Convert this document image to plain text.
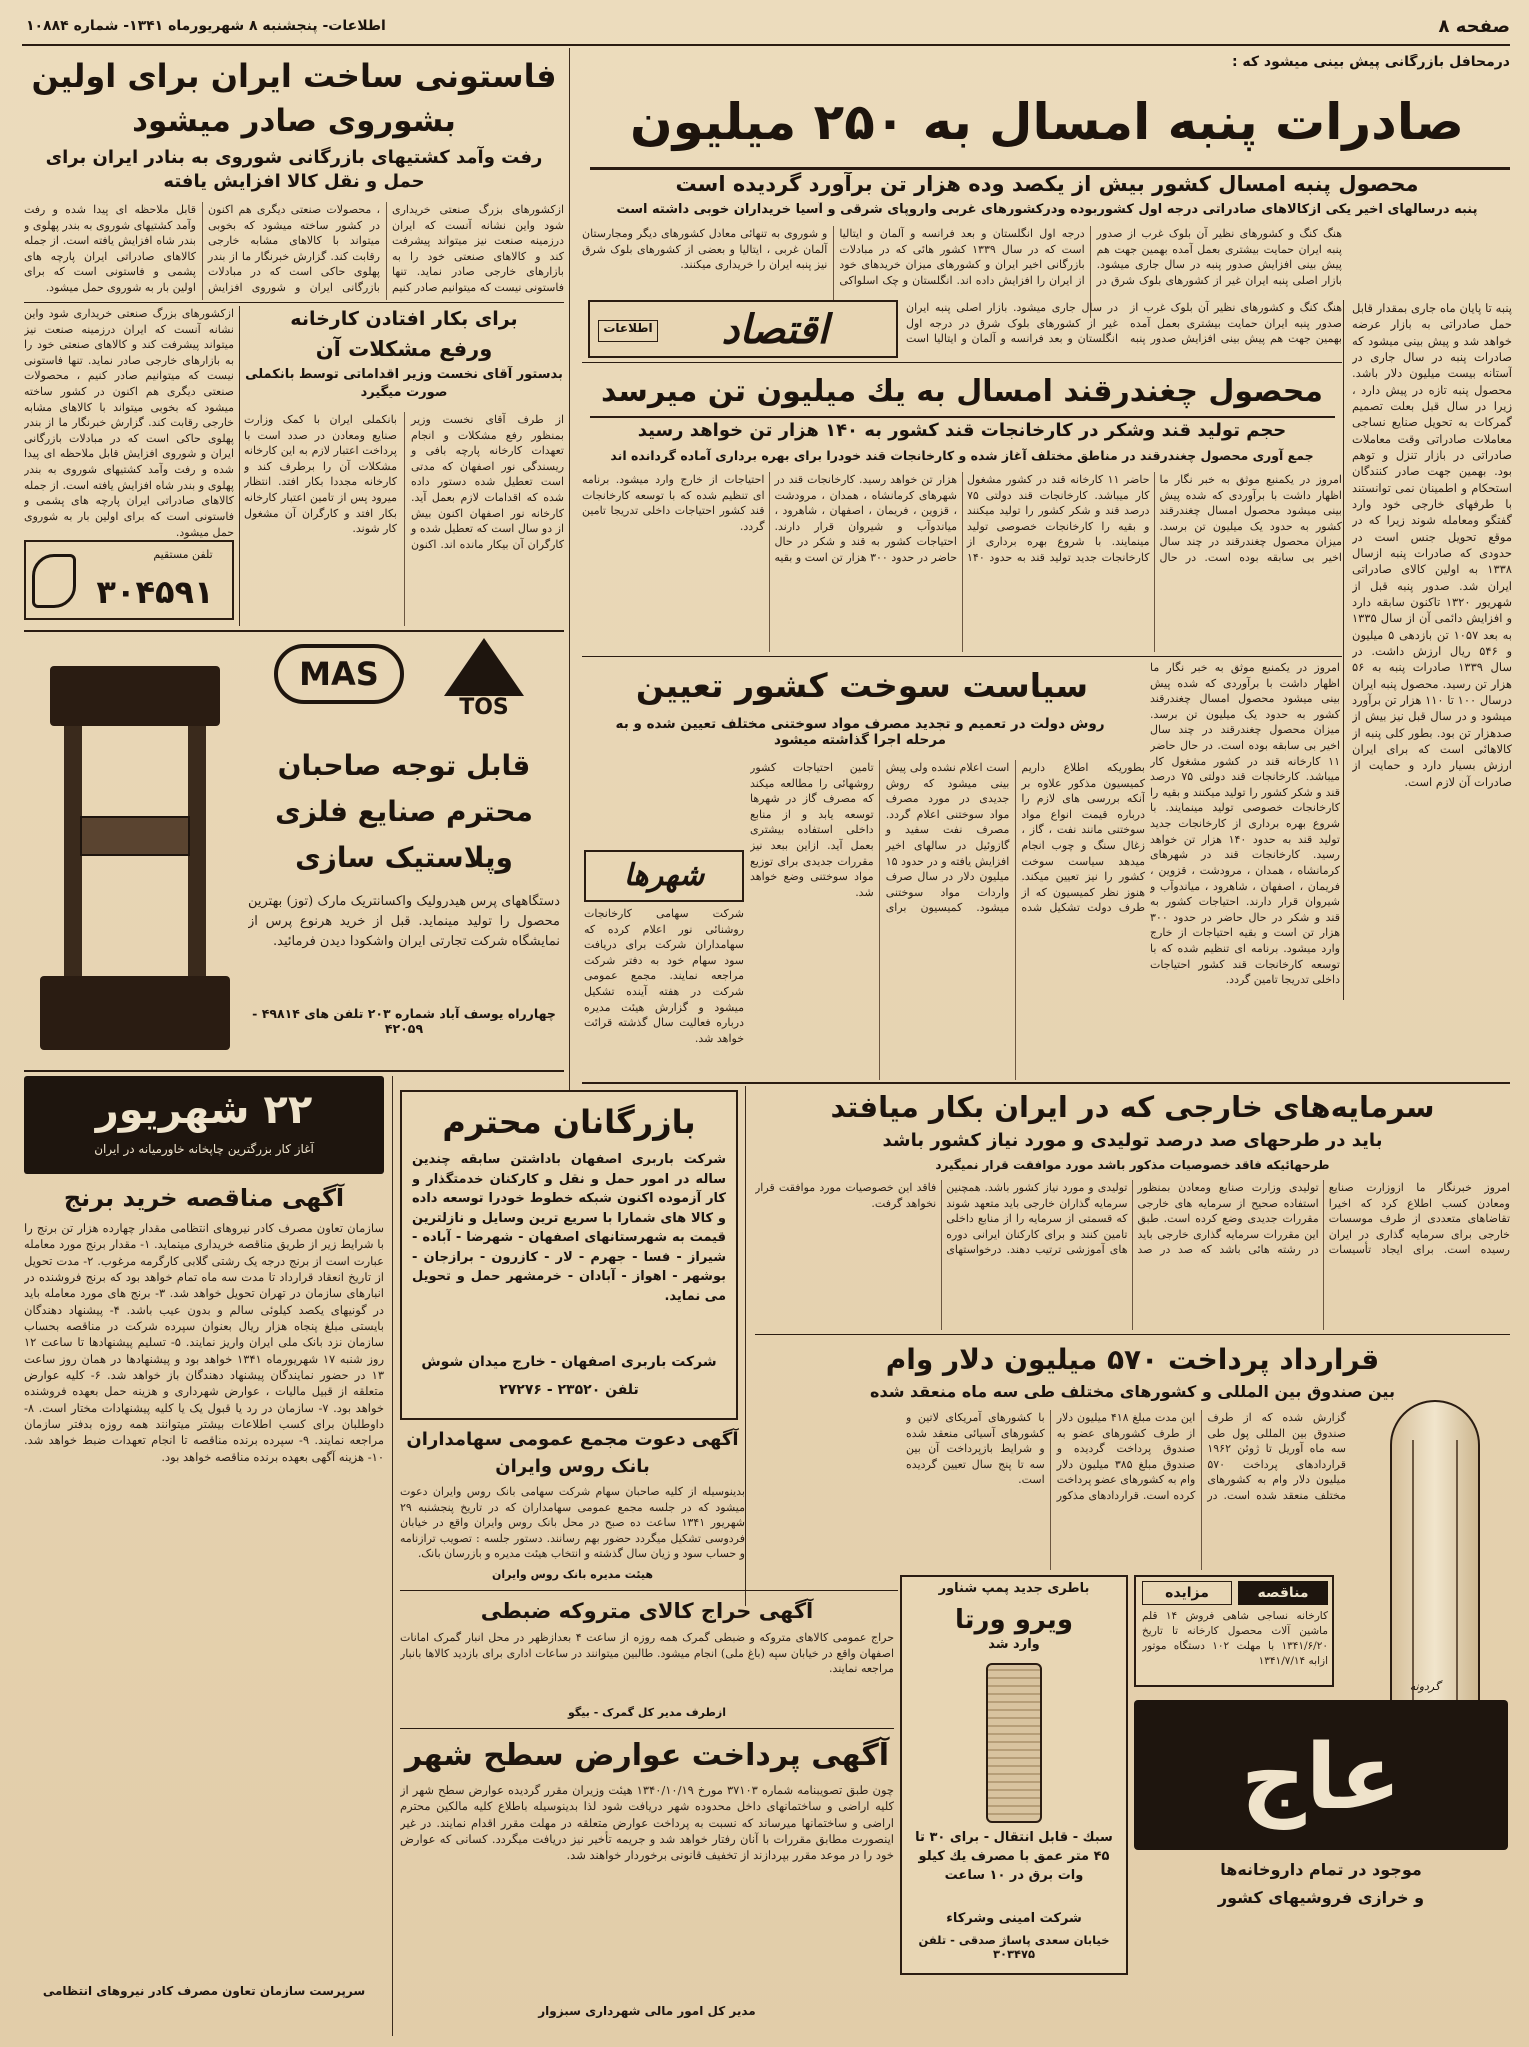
صفحه ۸
اطلاعات- پنجشنبه ۸ شهریورماه ۱۳۴۱- شماره ۱۰۸۸۴
درمحافل بازرگانی پیش بینی میشود که :
صادرات پنبه امسال به ۲۵۰ میلیون
محصول پنبه امسال کشور بیش از یکصد وده هزار تن برآورد گردیده است
پنبه درسالهای اخیر یکی ازکالاهای صادراتی درجه اول کشوربوده ودرکشورهای غربی واروپای شرقی و آسیا خریداران خوبی داشته است
هنگ کنگ و کشورهای نظیر آن بلوک غرب از صدور پنبه ایران حمایت بیشتری بعمل آمده بهمین جهت هم پیش بینی افزایش صدور پنبه در سال جاری میشود. بازار اصلی پنبه ایران غیر از کشورهای بلوک شرق در درجه اول انگلستان و بعد فرانسه و آلمان و ایتالیا است که در سال ۱۳۳۹ کشور هائی که در مبادلات بازرگانی اخیر ایران و کشورهای میزان خریدهای خود از ایران را افزایش داده اند. انگلستان و چک اسلواکی و شوروی به تنهائی معادل کشورهای دیگر ومجارستان آلمان غربی ، ایتالیا و بعضی از کشورهای بلوک شرق نیز پنبه ایران را خریداری میکنند.
پنبه تا پایان ماه جاری بمقدار قابل حمل صادراتی به بازار عرضه خواهد شد و پیش بینی میشود که صادرات پنبه در سال جاری در آستانه بیست میلیون دلار باشد. محصول پنبه تازه در پیش دارد ، زیرا در سال قبل بعلت تصمیم گمرکات به تحویل صنایع نساجی معاملات صادراتی وقت معاملات صادراتی در بازار تنزل و توهم بود. بهمین جهت صادر کنندگان استحکام و اطمینان نمی توانستند با طرفهای خارجی خود وارد گفتگو ومعامله شوند زیرا که در موقع تحویل جنس است در حدودی که صادرات پنبه ازسال ۱۳۳۸ به اولین کالای صادراتی ایران شد. صدور پنبه قبل از شهریور ۱۳۲۰ تاکنون سابقه دارد و افزایش دائمی آن از سال ۱۳۳۵ به بعد ۱۰۵۷ تن بازدهی ۵ میلیون و ۵۴۶ ریال ارزش داشت. در سال ۱۳۳۹ صادرات پنبه به ۵۶ هزار تن رسید. محصول پنبه ایران درسال ۱۰۰ تا ۱۱۰ هزار تن برآورد میشود و در سال قبل نیز بیش از صدهزار تن بود. بطور کلی پنبه از کالاهائی است که برای ایران ارزش بسیار دارد و حمایت از صادرات آن لازم است.
اقتصاد
اطلاعات
هنگ کنگ و کشورهای نظیر آن بلوک غرب از صدور پنبه ایران حمایت بیشتری بعمل آمده بهمین جهت هم پیش بینی افزایش صدور پنبه در سال جاری میشود. بازار اصلی پنبه ایران غیر از کشورهای بلوک شرق در درجه اول انگلستان و بعد فرانسه و آلمان و ایتالیا است
محصول چغندرقند امسال به یك میلیون تن میرسد
حجم تولید قند وشکر در کارخانجات قند کشور به ۱۴۰ هزار تن خواهد رسید
جمع آوری محصول چغندرقند در مناطق مختلف آغاز شده و کارخانجات قند خودرا برای بهره برداری آماده گردانده اند
امروز در یکمنبع موثق به خبر نگار ما اظهار داشت با برآوردی که شده پیش بینی میشود محصول امسال چغندرقند کشور به حدود یک میلیون تن برسد. میزان محصول چغندرقند در چند سال اخیر بی سابقه بوده است. در حال حاضر ۱۱ کارخانه قند در کشور مشغول کار میباشد. کارخانجات قند دولتی ۷۵ درصد قند و شکر کشور را تولید میکنند و بقیه را کارخانجات خصوصی تولید مینمایند. با شروع بهره برداری از کارخانجات جدید تولید قند به حدود ۱۴۰ هزار تن خواهد رسید. کارخانجات قند در شهرهای کرمانشاه ، همدان ، مرودشت ، قزوین ، فریمان ، اصفهان ، شاهرود ، میاندوآب و شیروان قرار دارند. احتیاجات کشور به قند و شکر در حال حاضر در حدود ۳۰۰ هزار تن است و بقیه احتیاجات از خارج وارد میشود. برنامه ای تنظیم شده که با توسعه کارخانجات قند کشور احتیاجات داخلی تدریجا تامین گردد.
سیاست سوخت کشور تعیین
روش دولت در تعمیم و تجدید مصرف مواد سوختنی مختلف تعیین شده و به مرحله اجرا گذاشته میشود
بطوریکه اطلاع داریم کمیسیون مذکور علاوه بر آنکه بررسی های لازم را درباره قیمت انواع مواد سوختنی مانند نفت ، گاز ، زغال سنگ و چوب انجام میدهد سیاست سوخت کشور را نیز تعیین میکند. هنوز نظر کمیسیون که از طرف دولت تشکیل شده است اعلام نشده ولی پیش بینی میشود که روش جدیدی در مورد مصرف مواد سوختنی اعلام گردد. مصرف نفت سفید و گازوئیل در سالهای اخیر افزایش یافته و در حدود ۱۵ میلیون دلار در سال صرف واردات مواد سوختنی میشود. کمیسیون برای تامین احتیاجات کشور روشهائی را مطالعه میکند که مصرف گاز در شهرها توسعه یابد و از منابع داخلی استفاده بیشتری بعمل آید. ازاین ببعد نیز مقررات جدیدی برای توزیع مواد سوختنی وضع خواهد شد.
امروز در یکمنبع موثق به خبر نگار ما اظهار داشت با برآوردی که شده پیش بینی میشود محصول امسال چغندرقند کشور به حدود یک میلیون تن برسد. میزان محصول چغندرقند در چند سال اخیر بی سابقه بوده است. در حال حاضر ۱۱ کارخانه قند در کشور مشغول کار میباشد. کارخانجات قند دولتی ۷۵ درصد قند و شکر کشور را تولید میکنند و بقیه را کارخانجات خصوصی تولید مینمایند. با شروع بهره برداری از کارخانجات جدید تولید قند به حدود ۱۴۰ هزار تن خواهد رسید. کارخانجات قند در شهرهای کرمانشاه ، همدان ، مرودشت ، قزوین ، فریمان ، اصفهان ، شاهرود ، میاندوآب و شیروان قرار دارند. احتیاجات کشور به قند و شکر در حال حاضر در حدود ۳۰۰ هزار تن است و بقیه احتیاجات از خارج وارد میشود. برنامه ای تنظیم شده که با توسعه کارخانجات قند کشور احتیاجات داخلی تدریجا تامین گردد.
شهرها
شرکت سهامی کارخانجات روشنائی نور اعلام کرده که سهامداران شرکت برای دریافت سود سهام خود به دفتر شرکت مراجعه نمایند. مجمع عمومی شرکت در هفته آینده تشکیل میشود و گزارش هیئت مدیره درباره فعالیت سال گذشته قرائت خواهد شد.
سرمایه‌های خارجی که در ایران بکار میافتد
باید در طرحهای صد درصد تولیدی و مورد نیاز کشور باشد
طرحهائیکه فاقد خصوصیات مذکور باشد مورد موافقت قرار نمیگیرد
امروز خبرنگار ما ازوزارت صنایع ومعادن کسب اطلاع کرد که اخیرا تقاضاهای متعددی از طرف موسسات خارجی برای سرمایه گذاری در ایران رسیده است. برای ایجاد تأسیسات تولیدی وزارت صنایع ومعادن بمنظور استفاده صحیح از سرمایه های خارجی مقررات جدیدی وضع کرده است. طبق این مقررات سرمایه گذاری خارجی باید در رشته هائی باشد که صد در صد تولیدی و مورد نیاز کشور باشد. همچنین سرمایه گذاران خارجی باید متعهد شوند که قسمتی از سرمایه را از منابع داخلی تامین کنند و برای کارکنان ایرانی دوره های آموزشی ترتیب دهند. درخواستهای فاقد این خصوصیات مورد موافقت قرار نخواهد گرفت.
قرارداد پرداخت ۵۷۰ میلیون دلار وام
بین صندوق بین المللی و کشورهای مختلف طی سه ماه منعقد شده
گزارش شده که از طرف صندوق بین المللی پول طی سه ماه آوریل تا ژوئن ۱۹۶۲ قراردادهای پرداخت ۵۷۰ میلیون دلار وام به کشورهای مختلف منعقد شده است. در این مدت مبلغ ۴۱۸ میلیون دلار از طرف کشورهای عضو به صندوق پرداخت گردیده و صندوق مبلغ ۳۸۵ میلیون دلار وام به کشورهای عضو پرداخت کرده است. قراردادهای مذکور با کشورهای آمریکای لاتین و کشورهای آسیائی منعقد شده و شرایط بازپرداخت آن بین سه تا پنج سال تعیین گردیده است.
عاج
گردونه
موجود در تمام داروخانه‌ها
و خرازی فروشیهای کشور
مناقصه
مزایده
کارخانه نساجی شاهی فروش ۱۴ قلم ماشین آلات محصول کارخانه تا تاریخ ۱۳۴۱/۶/۲۰ با مهلت ۱۰۲ دستگاه موتور ازابه ۱۳۴۱/۷/۱۴
باطری جدید پمپ شناور
ویرو ورتا
وارد شد
سبك - قابل انتقال - برای ۳۰ تا ۴۵ متر عمق با مصرف یك کیلو وات برق در ۱۰ ساعت
شرکت امینی وشرکاء
خیابان سعدی پاساژ صدقی - تلفن ۳۰۳۴۷۵
فاستونی ساخت ایران برای اولین
بشوروی صادر میشود
رفت وآمد کشتیهای بازرگانی شوروی به بنادر ایران برای حمل و نقل کالا افزایش یافته
ازکشورهای بزرگ صنعتی خریداری شود واین نشانه آنست که ایران درزمینه صنعت نیز میتواند پیشرفت کند و کالاهای صنعتی خود را به بازارهای خارجی صادر نماید. تنها فاستونی نیست که میتوانیم صادر کنیم ، محصولات صنعتی دیگری هم اکنون در کشور ساخته میشود که بخوبی میتواند با کالاهای مشابه خارجی رقابت کند. گزارش خبرنگار ما از بندر پهلوی حاکی است که در مبادلات بازرگانی ایران و شوروی افزایش قابل ملاحظه ای پیدا شده و رفت وآمد کشتیهای شوروی به بندر پهلوی و بندر شاه افزایش یافته است. از جمله کالاهای صادراتی ایران پارچه های پشمی و فاستونی است که برای اولین بار به شوروی حمل میشود.
ازکشورهای بزرگ صنعتی خریداری شود واین نشانه آنست که ایران درزمینه صنعت نیز میتواند پیشرفت کند و کالاهای صنعتی خود را به بازارهای خارجی صادر نماید. تنها فاستونی نیست که میتوانیم صادر کنیم ، محصولات صنعتی دیگری هم اکنون در کشور ساخته میشود که بخوبی میتواند با کالاهای مشابه خارجی رقابت کند. گزارش خبرنگار ما از بندر پهلوی حاکی است که در مبادلات بازرگانی ایران و شوروی افزایش قابل ملاحظه ای پیدا شده و رفت وآمد کشتیهای شوروی به بندر پهلوی و بندر شاه افزایش یافته است. از جمله کالاهای صادراتی ایران پارچه های پشمی و فاستونی است که برای اولین بار به شوروی حمل میشود.
برای بکار افتادن کارخانه
ورفع مشکلات آن
بدستور آقای نخست وزیر اقداماتی توسط بانکملی صورت میگیرد
از طرف آقای نخست وزیر بمنظور رفع مشکلات و انجام تعهدات کارخانه پارچه بافی و ریسندگی نور اصفهان که مدتی است تعطیل شده دستور داده شده که اقدامات لازم بعمل آید. کارخانه نور اصفهان اکنون بیش از دو سال است که تعطیل شده و کارگران آن بیکار مانده اند. اکنون بانکملی ایران با کمک وزارت صنایع ومعادن در صدد است با پرداخت اعتبار لازم به این کارخانه مشکلات آن را برطرف کند و کارخانه مجددا بکار افتد. انتظار میرود پس از تامین اعتبار کارخانه بکار افتد و کارگران آن مشغول کار شوند.
تلفن مستقیم
۳۰۴۵۹۱
MAS
TOS
قابل توجه صاحبان
محترم صنایع فلزی
وپلاستیک سازی
دستگاههای پرس هیدرولیک واکسانتریک مارک (توز) بهترین محصول را تولید مینماید. قبل از خرید هرنوع پرس از نمایشگاه شرکت تجارتی ایران واشکودا دیدن فرمائید.
چهارراه یوسف آباد شماره ۲۰۳ تلفن های ۴۹۸۱۴ - ۴۲۰۵۹
۲۲ شهریور
آغاز کار بزرگترین چاپخانه خاورمیانه در ایران
آگهی مناقصه خرید برنج
سازمان تعاون مصرف کادر نیروهای انتظامی مقدار چهارده هزار تن برنج را با شرایط زیر از طریق مناقصه خریداری مینماید. ۱- مقدار برنج مورد معامله عبارت است از برنج درجه یک رشتی گلابی کارگرمه مرغوب. ۲- مدت تحویل از تاریخ انعقاد قرارداد تا مدت سه ماه تمام خواهد بود که برنج فروشنده در انبارهای سازمان در تهران تحویل خواهد شد. ۳- برنج های مورد معامله باید در گونیهای یکصد کیلوئی سالم و بدون عیب باشد. ۴- پیشنهاد دهندگان بایستی مبلغ پنجاه هزار ریال بعنوان سپرده شرکت در مناقصه بحساب سازمان نزد بانک ملی ایران واریز نمایند. ۵- تسلیم پیشنهادها تا ساعت ۱۲ روز شنبه ۱۷ شهریورماه ۱۳۴۱ خواهد بود و پیشنهادها در همان روز ساعت ۱۳ در حضور نمایندگان پیشنهاد دهندگان باز خواهد شد. ۶- کلیه عوارض متعلقه از قبیل مالیات ، عوارض شهرداری و هزینه حمل بعهده فروشنده خواهد بود. ۷- سازمان در رد یا قبول یک یا کلیه پیشنهادات مختار است. ۸- داوطلبان برای کسب اطلاعات بیشتر میتوانند همه روزه بدفتر سازمان مراجعه نمایند. ۹- سپرده برنده مناقصه تا انجام تعهدات ضبط خواهد شد. ۱۰- هزینه آگهی بعهده برنده مناقصه خواهد بود.
سرپرست سازمان تعاون مصرف کادر نیروهای انتظامی
بازرگانان محترم
شرکت باربری اصفهان باداشتن سابقه چندین ساله در امور حمل و نقل و کارکنان خدمتگذار و کار آزموده اکنون شبکه خطوط خودرا توسعه داده و کالا های شمارا با سریع ترین وسایل و نازلترین قیمت به شهرستانهای اصفهان - شهرضا - آباده - شیراز - فسا - جهرم - لار - کازرون - برازجان - بوشهر - اهواز - آبادان - خرمشهر حمل و تحویل می نماید.
شرکت باربری اصفهان - خارج میدان شوش
تلفن ۲۳۵۲۰ - ۲۷۲۷۶
آگهی دعوت مجمع عمومی سهامداران
بانک روس وایران
بدینوسیله از کلیه صاحبان سهام شرکت سهامی بانک روس وایران دعوت میشود که در جلسه مجمع عمومی سهامداران که در تاریخ پنجشنبه ۲۹ شهریور ۱۳۴۱ ساعت ده صبح در محل بانک روس وایران واقع در خیابان فردوسی تشکیل میگردد حضور بهم رسانند. دستور جلسه : تصویب ترازنامه و حساب سود و زیان سال گذشته و انتخاب هیئت مدیره و بازرسان بانک.
هیئت مدیره بانک روس وایران
آگهی حراج کالای متروکه ضبطی
حراج عمومی کالاهای متروکه و ضبطی گمرک همه روزه از ساعت ۴ بعدازظهر در محل انبار گمرک امانات اصفهان واقع در خیابان سپه (باغ ملی) انجام میشود. طالبین میتوانند در ساعات اداری برای بازدید کالاها بانبار مراجعه نمایند.
ازطرف مدیر کل گمرک - بیگو
آگهی پرداخت عوارض سطح شهر
چون طبق تصویبنامه شماره ۳۷۱۰۳ مورخ ۱۳۴۰/۱۰/۱۹ هیئت وزیران مقرر گردیده عوارض سطح شهر از کلیه اراضی و ساختمانهای داخل محدوده شهر دریافت شود لذا بدینوسیله باطلاع کلیه مالکین محترم اراضی و ساختمانها میرساند که نسبت به پرداخت عوارض متعلقه در مهلت مقرر اقدام نمایند. در غیر اینصورت مطابق مقررات با آنان رفتار خواهد شد و جریمه تأخیر نیز دریافت میگردد. کسانی که عوارض خود را در موعد مقرر بپردازند از تخفیف قانونی برخوردار خواهند شد.
مدیر کل امور مالی شهرداری سبزوار
